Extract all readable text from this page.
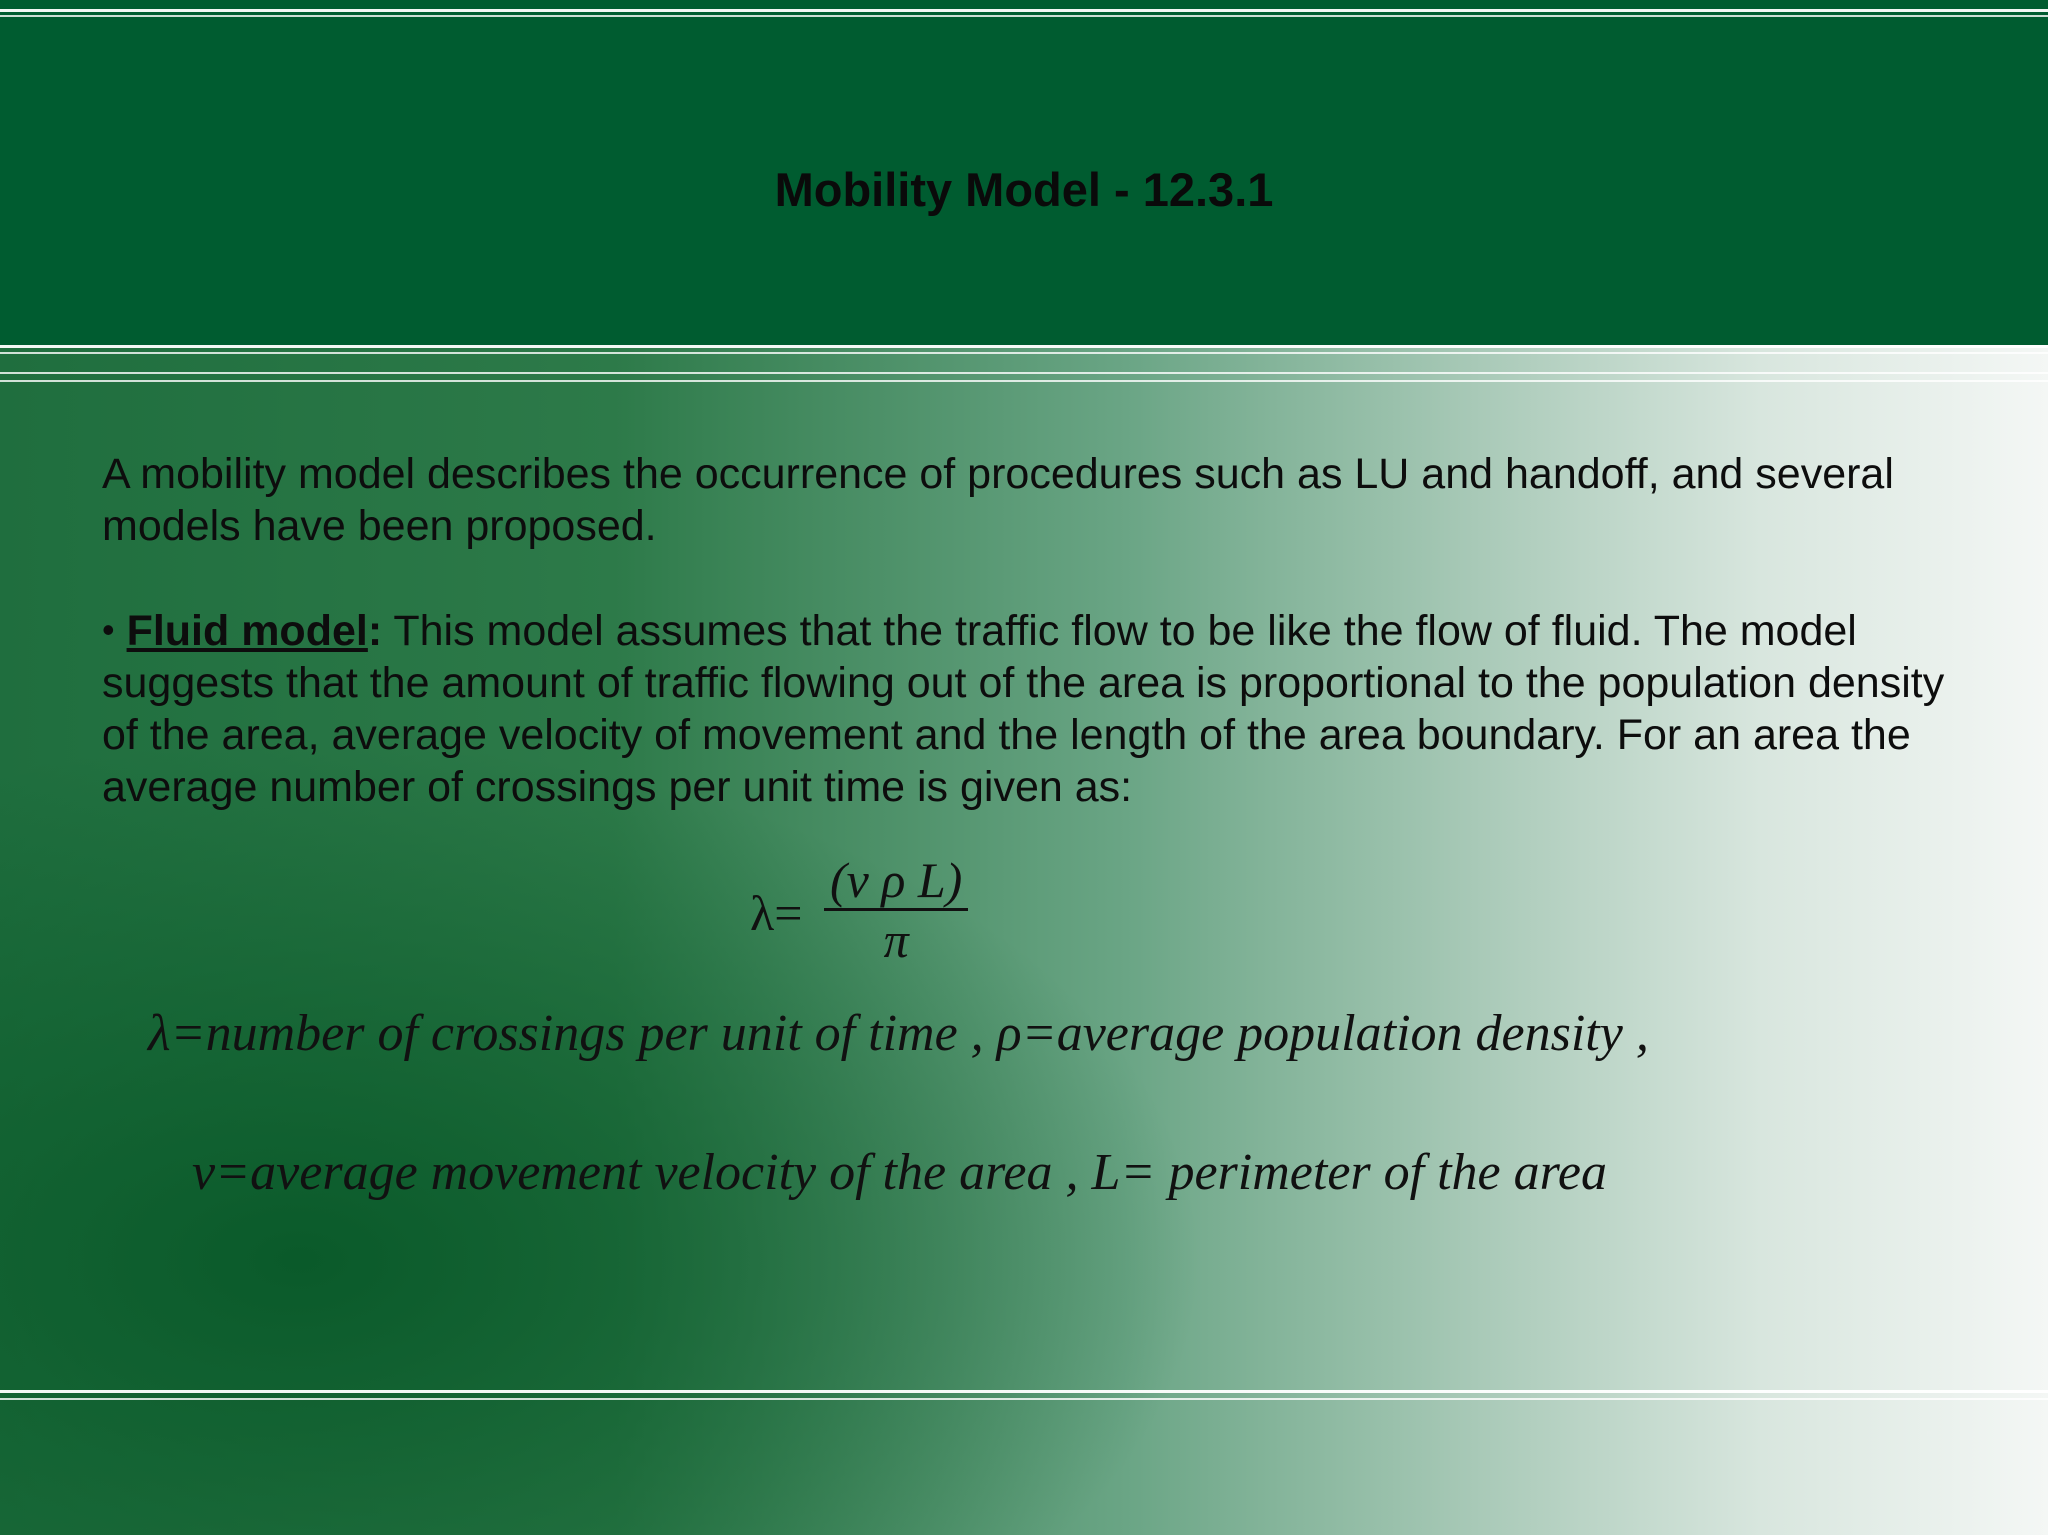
Mobility Model - 12.3.1
A mobility model describes the occurrence of procedures such as LU and handoff, and several models have been proposed.
• Fluid model: This model assumes that the traffic flow to be like the flow of fluid. The model suggests that the amount of traffic flowing out of the area is proportional to the population density of the area, average velocity of movement and the length of the area boundary. For an area the average number of crossings per unit time is given as:
λ=
(ν ρ L)
π
λ=number of crossings per unit of time , ρ=average population density ,
ν=average movement velocity of the area , L= perimeter of the area
7
